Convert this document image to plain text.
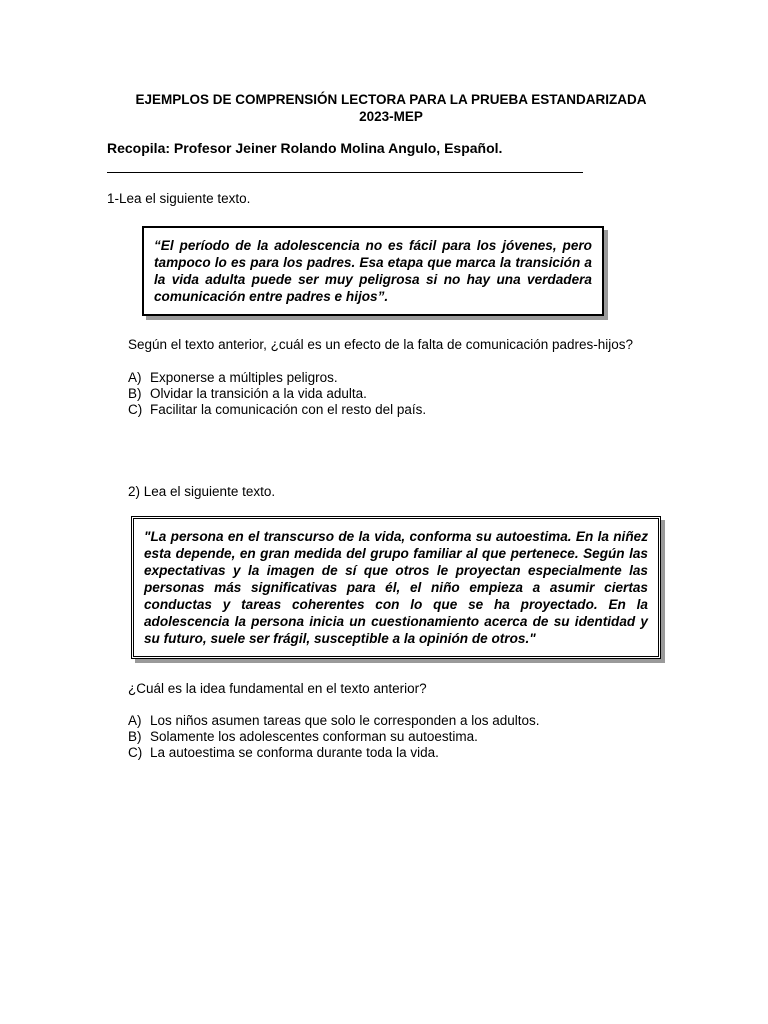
EJEMPLOS DE COMPRENSIÓN LECTORA PARA LA PRUEBA ESTANDARIZADA
2023-MEP
Recopila: Profesor Jeiner Rolando Molina Angulo, Español.
1-Lea el siguiente texto.
“El período de la adolescencia no es fácil para los jóvenes, pero tampoco lo es para los padres. Esa etapa que marca la transición a la vida adulta puede ser muy peligrosa si no hay una verdadera comunicación entre padres e hijos”.
Según el texto anterior, ¿cuál es un efecto de la falta de comunicación padres-hijos?
A) Exponerse a múltiples peligros.
B) Olvidar la transición a la vida adulta.
C) Facilitar la comunicación con el resto del país.
2) Lea el siguiente texto.
"La persona en el transcurso de la vida, conforma su autoestima. En la niñez esta depende, en gran medida del grupo familiar al que pertenece. Según las expectativas y la imagen de sí que otros le proyectan especialmente las personas más significativas para él, el niño empieza a asumir ciertas conductas y tareas coherentes con lo que se ha proyectado. En la adolescencia la persona inicia un cuestionamiento acerca de su identidad y su futuro, suele ser frágil, susceptible a la opinión de otros."
¿Cuál es la idea fundamental en el texto anterior?
A) Los niños asumen tareas que solo le corresponden a los adultos.
B) Solamente los adolescentes conforman su autoestima.
C) La autoestima se conforma durante toda la vida.
